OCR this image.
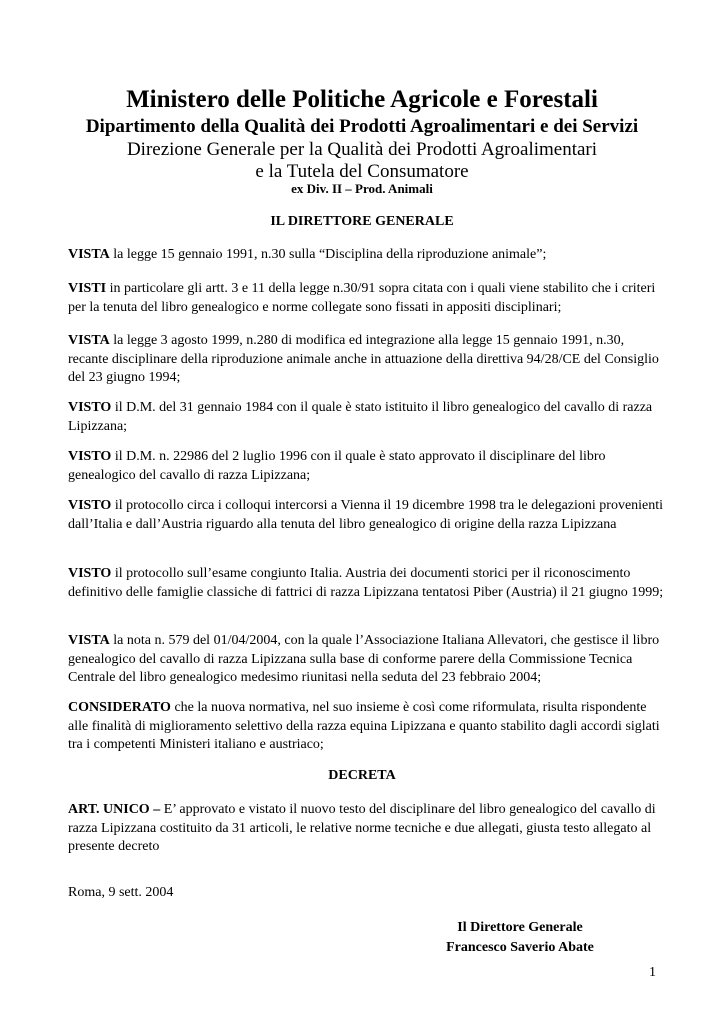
Ministero delle Politiche Agricole e Forestali
Dipartimento della Qualità dei Prodotti Agroalimentari e dei Servizi
Direzione Generale per la Qualità dei Prodotti Agroalimentari
e la Tutela del Consumatore
ex Div. II – Prod. Animali
IL DIRETTORE GENERALE
VISTA la legge 15 gennaio 1991, n.30 sulla “Disciplina della riproduzione animale”;
VISTI in particolare gli artt. 3 e 11 della legge n.30/91 sopra citata con i quali viene stabilito che i criteri per la tenuta del libro genealogico e norme collegate sono fissati in appositi disciplinari;
VISTA la legge 3 agosto 1999, n.280 di modifica ed integrazione alla legge 15 gennaio 1991, n.30, recante disciplinare della riproduzione animale anche in attuazione della direttiva 94/28/CE del Consiglio del 23 giugno 1994;
VISTO il D.M. del 31 gennaio 1984 con il quale è stato istituito il libro genealogico del cavallo di razza Lipizzana;
VISTO il D.M. n. 22986 del 2 luglio 1996 con il quale è stato approvato il disciplinare del libro genealogico del cavallo di razza Lipizzana;
VISTO il protocollo circa i colloqui intercorsi a Vienna il 19 dicembre 1998 tra le delegazioni provenienti dall’Italia e dall’Austria riguardo alla tenuta del libro genealogico di origine della razza Lipizzana
VISTO il protocollo sull’esame congiunto Italia. Austria dei documenti storici per il riconoscimento definitivo delle famiglie classiche di fattrici di razza Lipizzana tentatosi Piber (Austria) il 21 giugno 1999;
VISTA la nota n. 579 del 01/04/2004, con la quale l’Associazione Italiana Allevatori, che gestisce il libro genealogico del cavallo di razza Lipizzana sulla base di conforme parere della Commissione Tecnica Centrale del libro genealogico medesimo riunitasi nella seduta del 23 febbraio 2004;
CONSIDERATO che la nuova normativa, nel suo insieme è così come riformulata, risulta rispondente alle finalità di miglioramento selettivo della razza equina Lipizzana e quanto stabilito dagli accordi siglati tra i competenti Ministeri italiano e austriaco;
DECRETA
ART. UNICO – E’ approvato e vistato il nuovo testo del disciplinare del libro genealogico del cavallo di razza Lipizzana costituito da 31 articoli, le relative norme tecniche e due allegati, giusta testo allegato al presente decreto
Roma, 9 sett. 2004
Il Direttore Generale
Francesco Saverio Abate
1
